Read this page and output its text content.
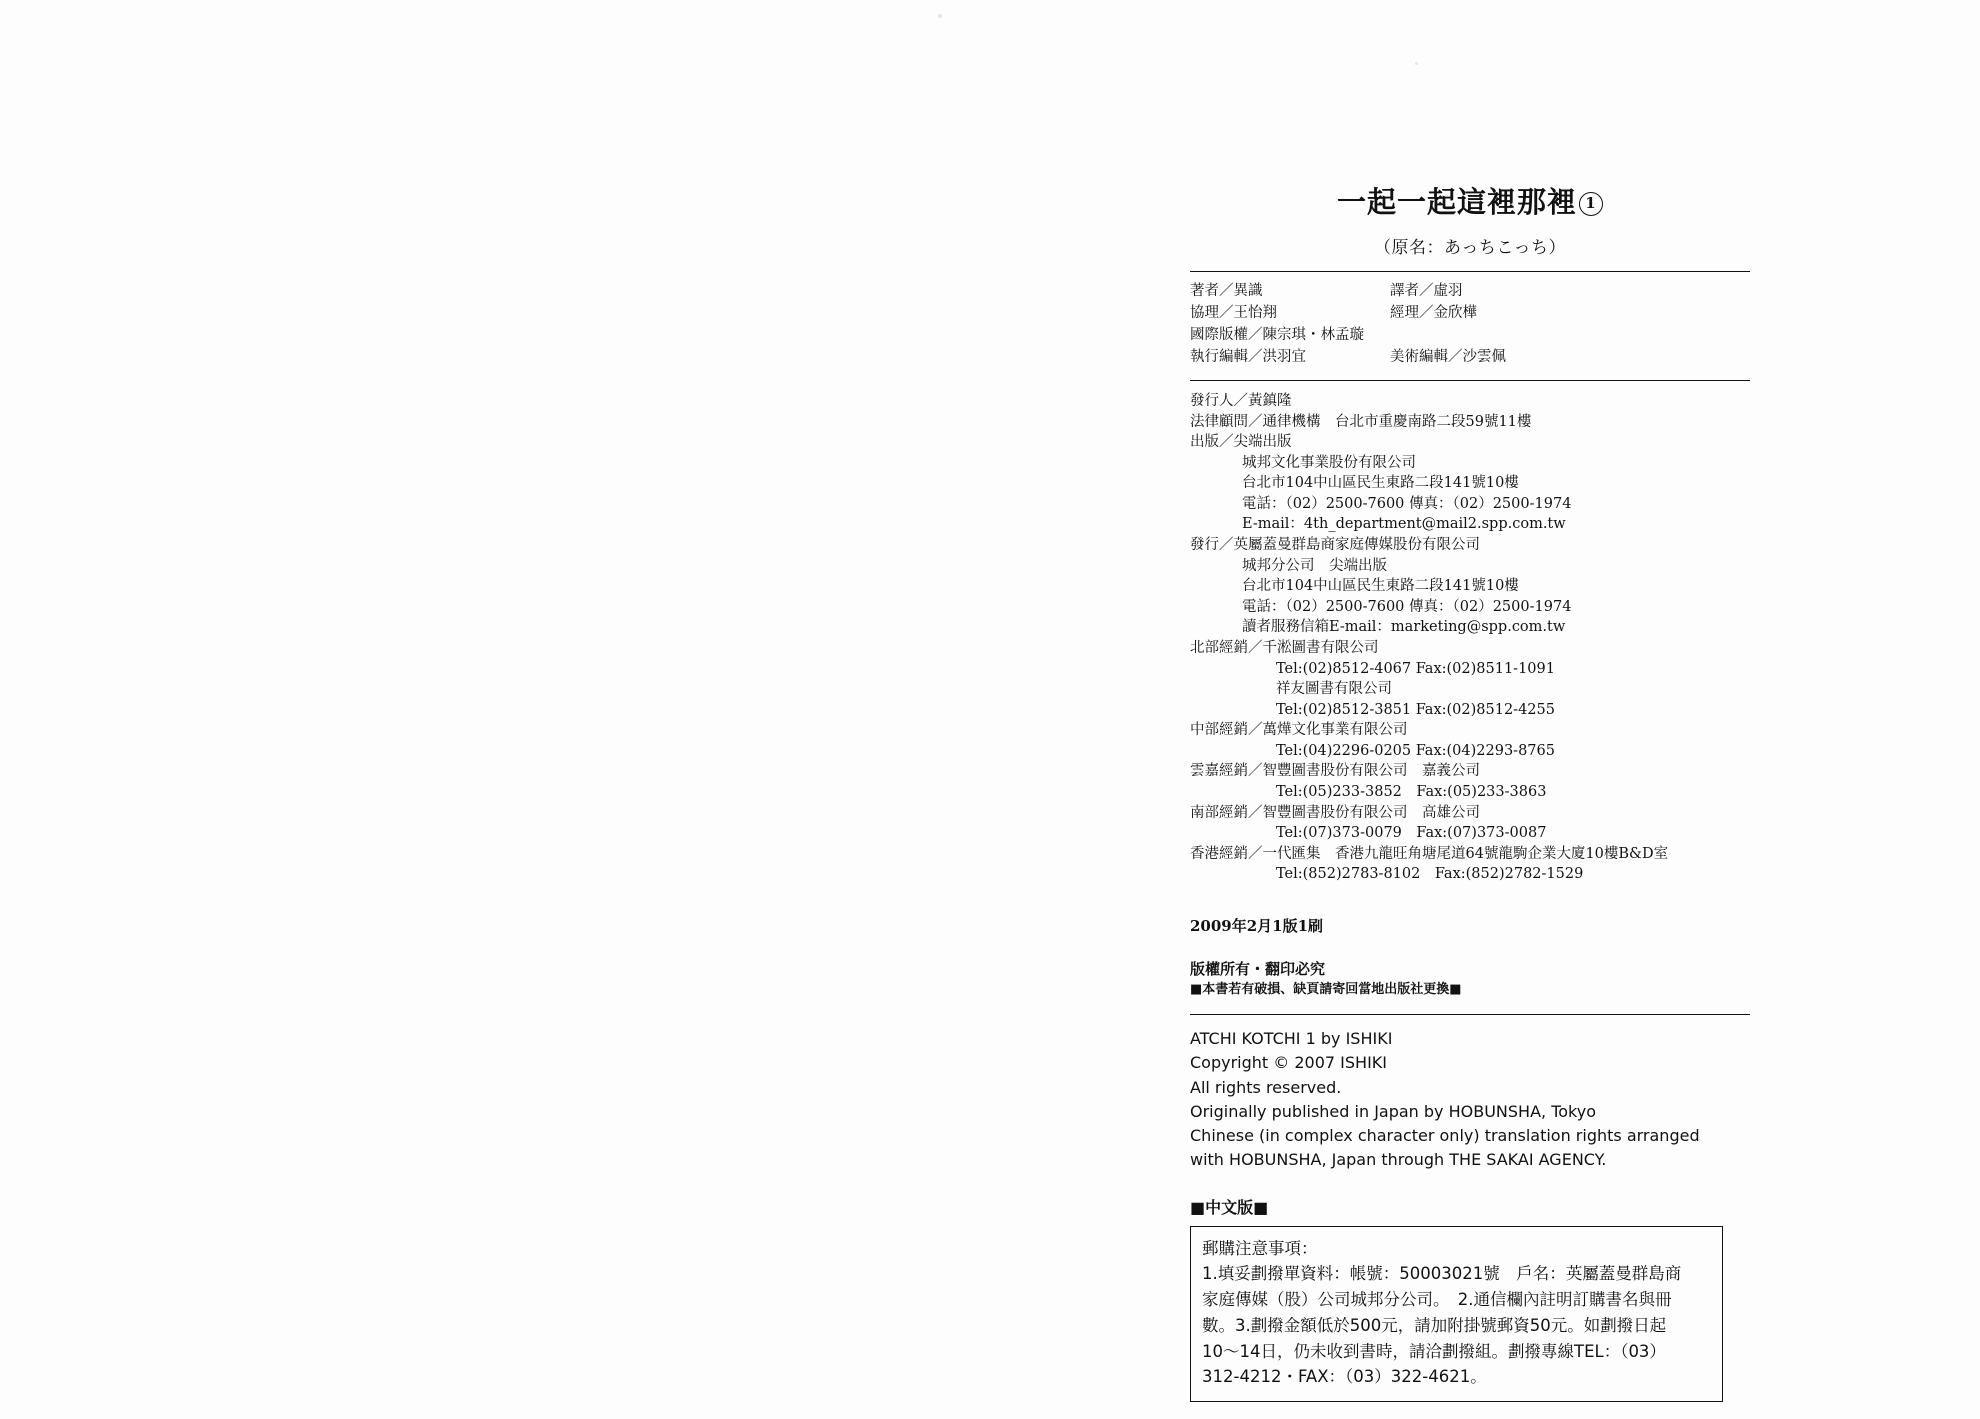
一起一起這裡那裡 1
（原名：あっちこっち）
著者／異識	譯者／虛羽
協理／王怡翔	經理／金欣樺
國際版權／陳宗琪・林孟璇
執行編輯／洪羽宜	美術編輯／沙雲佩
發行人／黃鎮隆
法律顧問／通律機構　台北市重慶南路二段59號11樓
出版／尖端出版
城邦文化事業股份有限公司
台北市104中山區民生東路二段141號10樓
電話：（02）2500-7600 傳真：（02）2500-1974
E-mail：4th_department@mail2.spp.com.tw
發行／英屬蓋曼群島商家庭傳媒股份有限公司
城邦分公司　尖端出版
台北市104中山區民生東路二段141號10樓
電話：（02）2500-7600 傳真：（02）2500-1974
讀者服務信箱E-mail：marketing@spp.com.tw
北部經銷／千淞圖書有限公司
Tel:(02)8512-4067 Fax:(02)8511-1091
祥友圖書有限公司
Tel:(02)8512-3851 Fax:(02)8512-4255
中部經銷／萬燁文化事業有限公司
Tel:(04)2296-0205 Fax:(04)2293-8765
雲嘉經銷／智豐圖書股份有限公司　嘉義公司
Tel:(05)233-3852　Fax:(05)233-3863
南部經銷／智豐圖書股份有限公司　高雄公司
Tel:(07)373-0079　Fax:(07)373-0087
香港經銷／一代匯集　香港九龍旺角塘尾道64號龍駒企業大廈10樓B&D室
Tel:(852)2783-8102　Fax:(852)2782-1529
2009年2月1版1刷
版權所有・翻印必究
■本書若有破損、缺頁請寄回當地出版社更換■
ATCHI KOTCHI 1 by ISHIKI
Copyright © 2007 ISHIKI
All rights reserved.
Originally published in Japan by HOBUNSHA, Tokyo
Chinese (in complex character only) translation rights arranged
with HOBUNSHA, Japan through THE SAKAI AGENCY.
■中文版■

郵購注意事項：

1.填妥劃撥單資料：帳號：50003021號　戶名：英屬蓋曼群島商

家庭傳媒（股）公司城邦分公司。　2.通信欄內註明訂購書名與冊

數。3.劃撥金額低於500元，請加附掛號郵資50元。如劃撥日起

10～14日，仍未收到書時，請洽劃撥組。劃撥專線TEL：（03）

312-4212・FAX：（03）322-4621。
